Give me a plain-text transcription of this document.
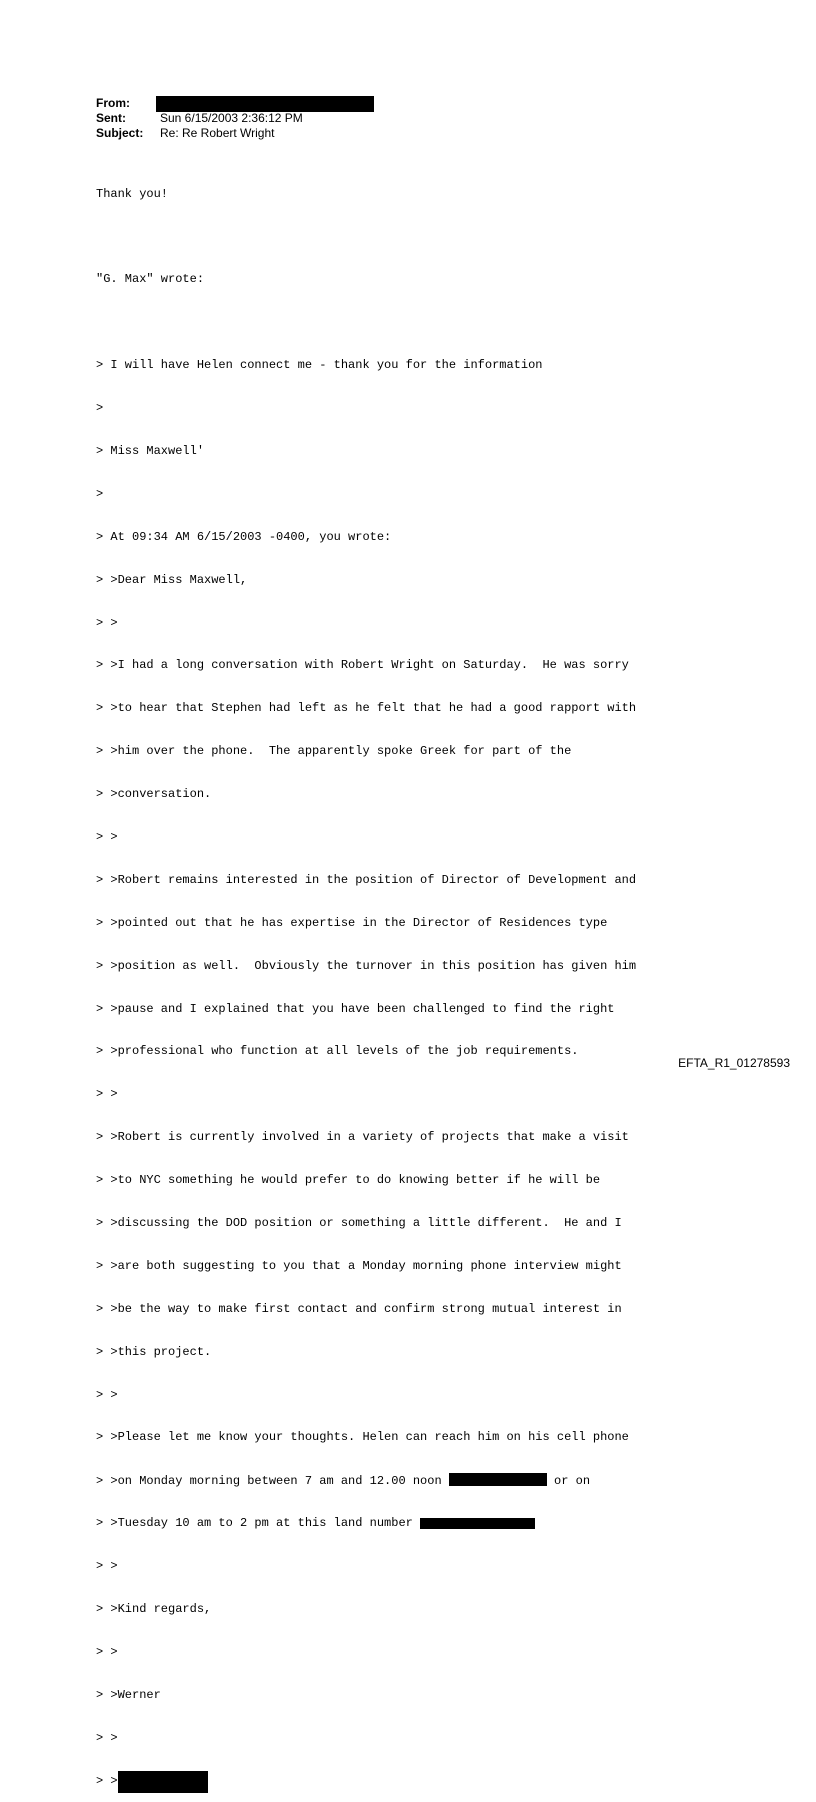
From:
Sent:	Sun 6/15/2003 2:36:12 PM
Subject:	Re: Re Robert Wright

Thank you!

"G. Max" wrote:

> I will have Helen connect me - thank you for the information

>

> Miss Maxwell'

>

> At 09:34 AM 6/15/2003 -0400, you wrote:

> >Dear Miss Maxwell,

> >

> >I had a long conversation with Robert Wright on Saturday.  He was sorry

> >to hear that Stephen had left as he felt that he had a good rapport with

> >him over the phone.  The apparently spoke Greek for part of the

> >conversation.

> >

> >Robert remains interested in the position of Director of Development and

> >pointed out that he has expertise in the Director of Residences type

> >position as well.  Obviously the turnover in this position has given him

> >pause and I explained that you have been challenged to find the right

> >professional who function at all levels of the job requirements.

> >

> >Robert is currently involved in a variety of projects that make a visit

> >to NYC something he would prefer to do knowing better if he will be

> >discussing the DOD position or something a little different.  He and I

> >are both suggesting to you that a Monday morning phone interview might

> >be the way to make first contact and confirm strong mutual interest in

> >this project.

> >

> >Please let me know your thoughts. Helen can reach him on his cell phone

> >on Monday morning between 7 am and 12.00 noon	or on

> >Tuesday 10 am to 2 pm at this land number

> >

> >Kind regards,

> >

> >Werner

> >

> >

EFTA_R1_01278593
